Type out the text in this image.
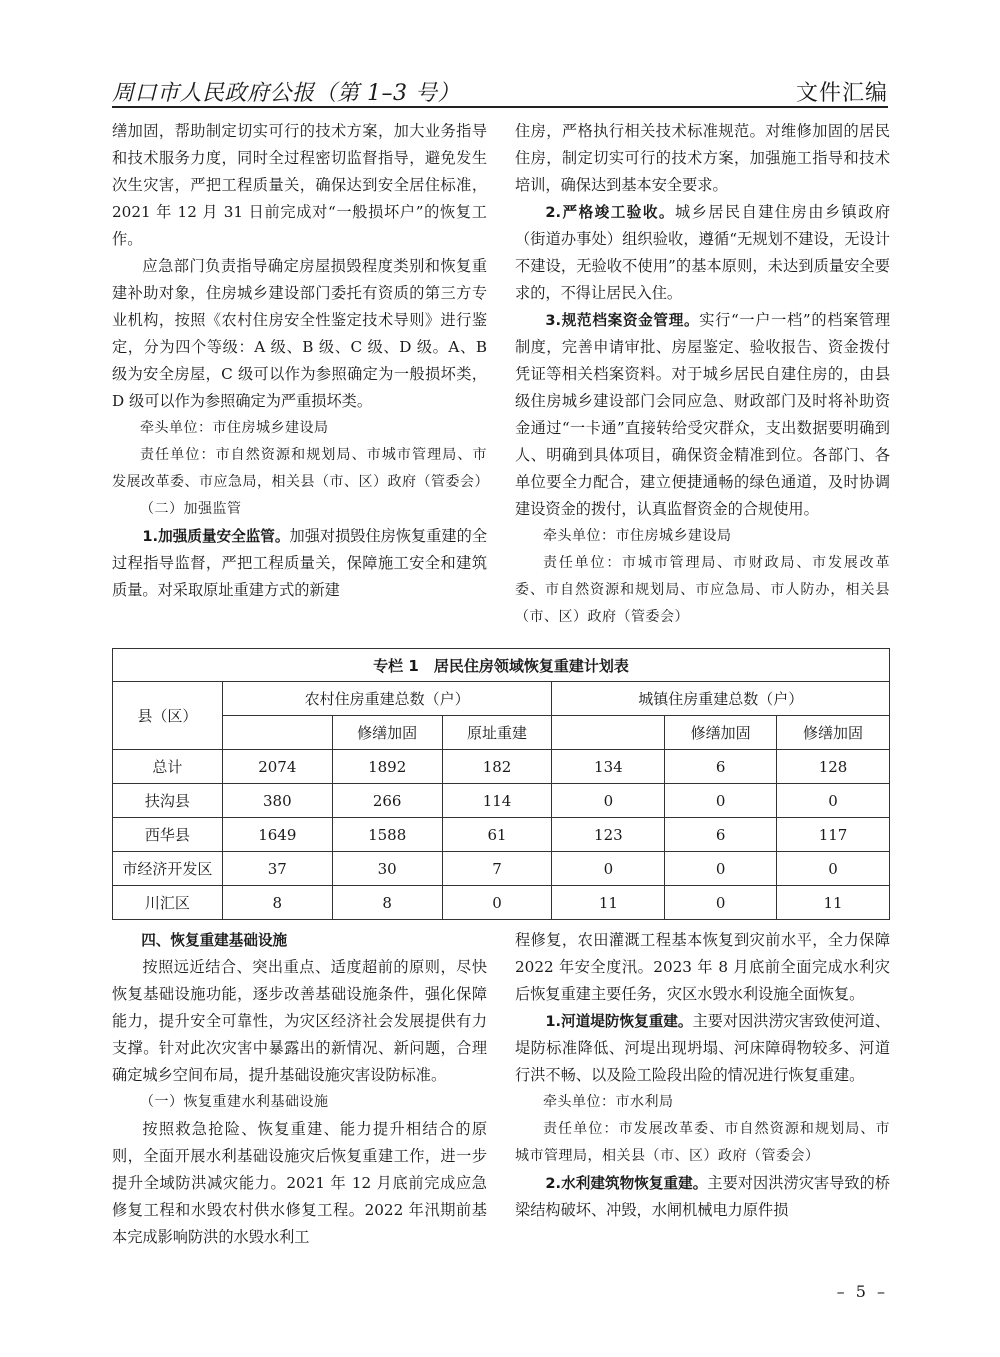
周口市人民政府公报（第 1–3 号）	文件汇编

缮加固，帮助制定切实可行的技术方案，加大业务指导和技术服务力度，同时全过程密切监督指导，避免发生次生灾害，严把工程质量关，确保达到安全居住标准，2021 年 12 月 31 日前完成对“一般损坏户”的恢复工作。

应急部门负责指导确定房屋损毁程度类别和恢复重建补助对象，住房城乡建设部门委托有资质的第三方专业机构，按照《农村住房安全性鉴定技术导则》进行鉴定，分为四个等级：A 级、B 级、C 级、D 级。A、B 级为安全房屋，C 级可以作为参照确定为一般损坏类，D 级可以作为参照确定为严重损坏类。

牵头单位：市住房城乡建设局

责任单位：市自然资源和规划局、市城市管理局、市发展改革委、市应急局，相关县（市、区）政府（管委会）

（二）加强监管

1.加强质量安全监管。加强对损毁住房恢复重建的全过程指导监督，严把工程质量关，保障施工安全和建筑质量。对采取原址重建方式的新建

住房，严格执行相关技术标准规范。对维修加固的居民住房，制定切实可行的技术方案，加强施工指导和技术培训，确保达到基本安全要求。

2.严格竣工验收。城乡居民自建住房由乡镇政府（街道办事处）组织验收，遵循“无规划不建设，无设计不建设，无验收不使用”的基本原则，未达到质量安全要求的，不得让居民入住。

3.规范档案资金管理。实行“一户一档”的档案管理制度，完善申请审批、房屋鉴定、验收报告、资金拨付凭证等相关档案资料。对于城乡居民自建住房的，由县级住房城乡建设部门会同应急、财政部门及时将补助资金通过“一卡通”直接转给受灾群众，支出数据要明确到人、明确到具体项目，确保资金精准到位。各部门、各单位要全力配合，建立便捷通畅的绿色通道，及时协调建设资金的拨付，认真监督资金的合规使用。

牵头单位：市住房城乡建设局

责任单位：市城市管理局、市财政局、市发展改革委、市自然资源和规划局、市应急局、市人防办，相关县（市、区）政府（管委会）

专栏 1　居民住房领域恢复重建计划表						
县（区）	农村住房重建总数（户）			城镇住房重建总数（户）		
		修缮加固	原址重建		修缮加固	修缮加固
总计	2074	1892	182	134	6	128
扶沟县	380	266	114	0	0	0
西华县	1649	1588	61	123	6	117
市经济开发区	37	30	7	0	0	0
川汇区	8	8	0	11	0	11

四、恢复重建基础设施

按照远近结合、突出重点、适度超前的原则，尽快恢复基础设施功能，逐步改善基础设施条件，强化保障能力，提升安全可靠性，为灾区经济社会发展提供有力支撑。针对此次灾害中暴露出的新情况、新问题，合理确定城乡空间布局，提升基础设施灾害设防标准。

（一）恢复重建水利基础设施

按照救急抢险、恢复重建、能力提升相结合的原则，全面开展水利基础设施灾后恢复重建工作，进一步提升全域防洪减灾能力。2021 年 12 月底前完成应急修复工程和水毁农村供水修复工程。2022 年汛期前基本完成影响防洪的水毁水利工

程修复，农田灌溉工程基本恢复到灾前水平，全力保障 2022 年安全度汛。2023 年 8 月底前全面完成水利灾后恢复重建主要任务，灾区水毁水利设施全面恢复。

1.河道堤防恢复重建。主要对因洪涝灾害致使河道、堤防标准降低、河堤出现坍塌、河床障碍物较多、河道行洪不畅、以及险工险段出险的情况进行恢复重建。

牵头单位：市水利局

责任单位：市发展改革委、市自然资源和规划局、市城市管理局，相关县（市、区）政府（管委会）

2.水利建筑物恢复重建。主要对因洪涝灾害导致的桥梁结构破坏、冲毁，水闸机械电力原件损

– 5 –
